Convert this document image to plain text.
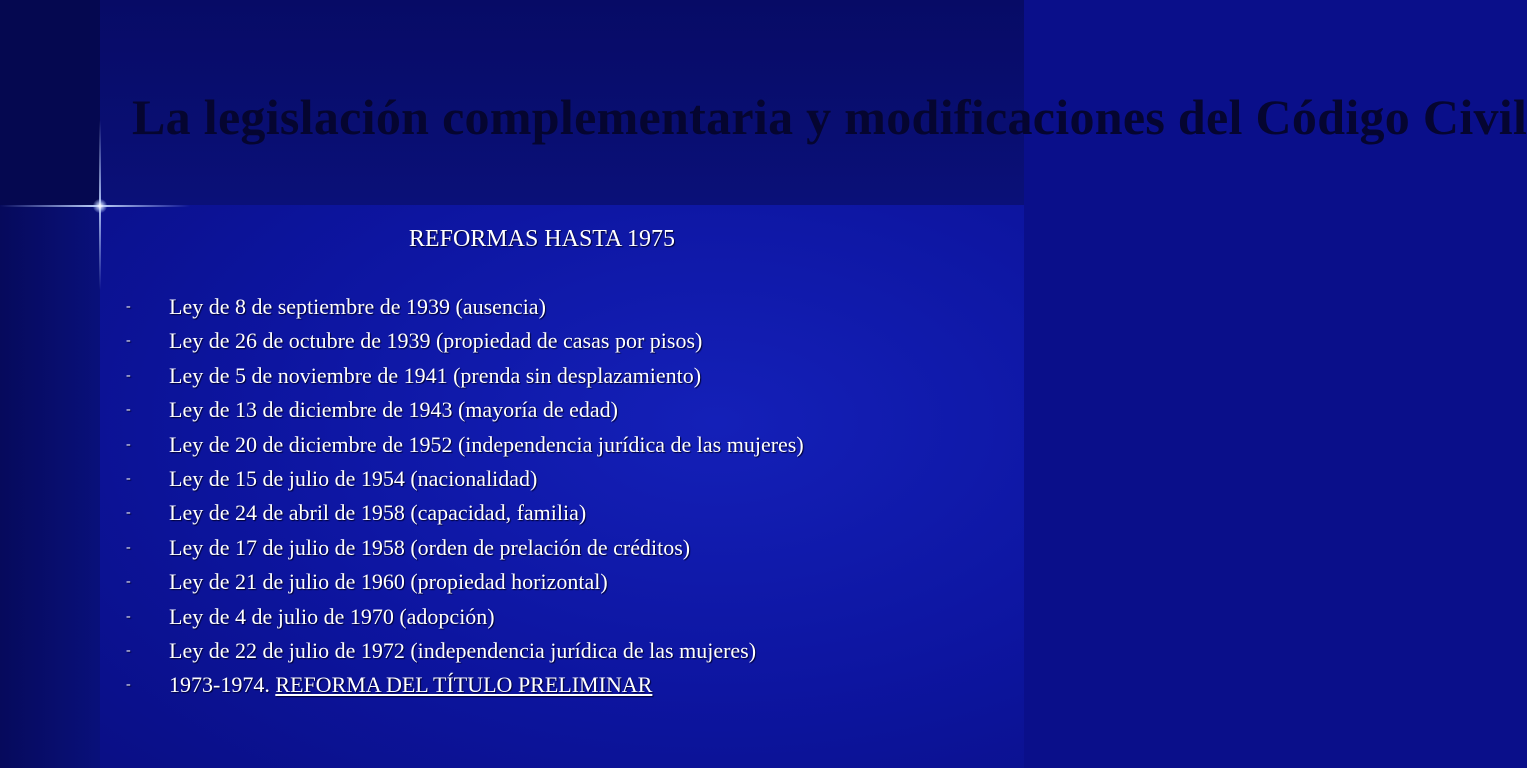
La legislación complementaria y modificaciones del Código Civil
REFORMAS HASTA 1975
- Ley de 8 de septiembre de 1939 (ausencia)
- Ley de 26 de octubre de 1939 (propiedad de casas por pisos)
- Ley de 5 de noviembre de 1941 (prenda sin desplazamiento)
- Ley de 13 de diciembre de 1943 (mayoría de edad)
- Ley de 20 de diciembre de 1952 (independencia jurídica de las mujeres)
- Ley de 15 de julio de 1954 (nacionalidad)
- Ley de 24 de abril de 1958 (capacidad, familia)
- Ley de 17 de julio de 1958 (orden de prelación de créditos)
- Ley de 21 de julio de 1960 (propiedad horizontal)
- Ley de 4 de julio de 1970 (adopción)
- Ley de 22 de julio de 1972 (independencia jurídica de las mujeres)
- 1973-1974. REFORMA DEL TÍTULO PRELIMINAR
